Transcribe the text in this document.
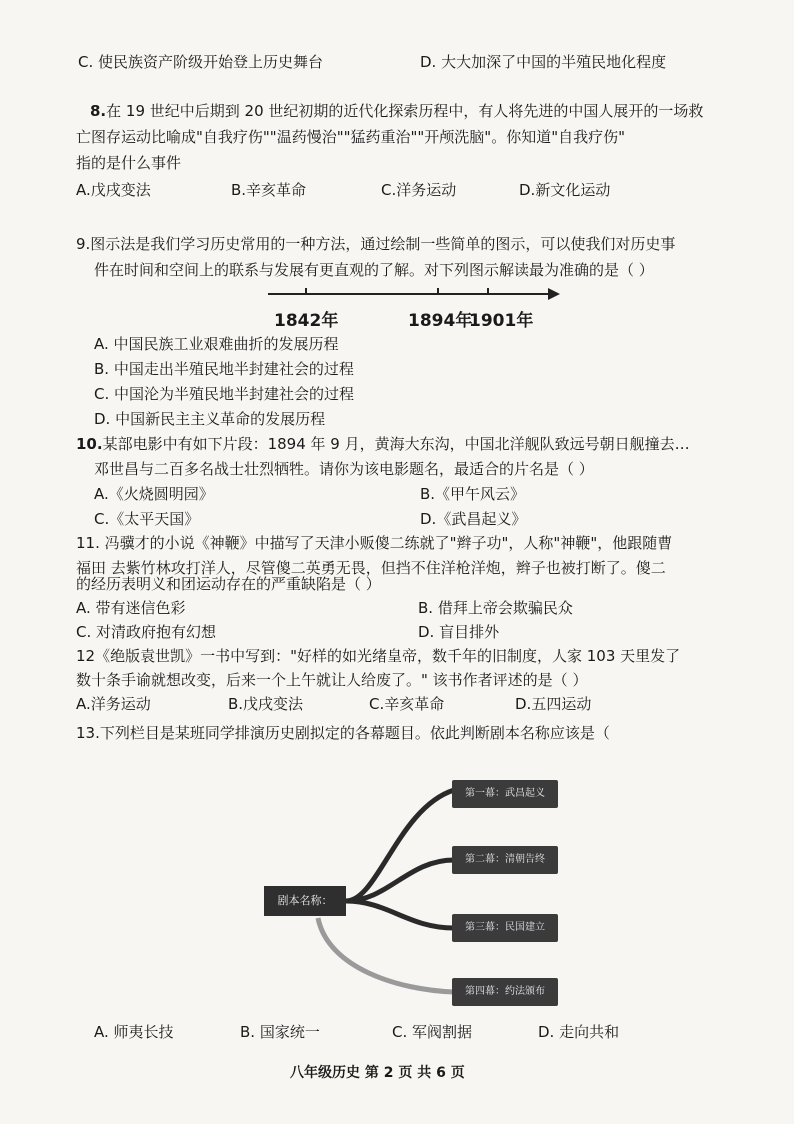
C. 使民族资产阶级开始登上历史舞台	D. 大大加深了中国的半殖民地化程度
8.在 19 世纪中后期到 20 世纪初期的近代化探索历程中，有人将先进的中国人展开的一场救
亡图存运动比喻成"自我疗伤""温药慢治""猛药重治""开颅洗脑"。你知道"自我疗伤"
指的是什么事件
A.戊戌变法	B.辛亥革命	C.洋务运动	D.新文化运动
9.图示法是我们学习历史常用的一种方法，通过绘制一些简单的图示，可以使我们对历史事
件在时间和空间上的联系与发展有更直观的了解。对下列图示解读最为准确的是（ ）
1842年	1894年
1901年
A. 中国民族工业艰难曲折的发展历程
B. 中国走出半殖民地半封建社会的过程
C. 中国沦为半殖民地半封建社会的过程
D. 中国新民主主义革命的发展历程
10.某部电影中有如下片段：1894 年 9 月，黄海大东沟，中国北洋舰队致远号朝日舰撞去…
邓世昌与二百多名战士壮烈牺牲。请你为该电影题名，最适合的片名是（ ）
A.《火烧圆明园》	B.《甲午风云》
C.《太平天国》	D.《武昌起义》
11. 冯骥才的小说《神鞭》中描写了天津小贩傻二练就了"辫子功"，人称"神鞭"，他跟随曹
福田 去紫竹林攻打洋人，尽管傻二英勇无畏，但挡不住洋枪洋炮，辫子也被打断了。傻二
的经历表明义和团运动存在的严重缺陷是（ ）
A. 带有迷信色彩	B. 借拜上帝会欺骗民众
C. 对清政府抱有幻想	D. 盲目排外
12《绝版袁世凯》一书中写到："好样的如光绪皇帝，数千年的旧制度，人家 103 天里发了
数十条手谕就想改变，后来一个上午就让人给废了。" 该书作者评述的是（ ）
A.洋务运动	B.戊戌变法	C.辛亥革命	D.五四运动
13.下列栏目是某班同学排演历史剧拟定的各幕题目。依此判断剧本名称应该是（
剧本名称：
第一幕：武昌起义
第二幕：清朝告终
第三幕：民国建立
第四幕：约法颁布
A. 师夷长技	B. 国家统一	C. 军阀割据	D. 走向共和
八年级历史 第 2 页 共 6 页
